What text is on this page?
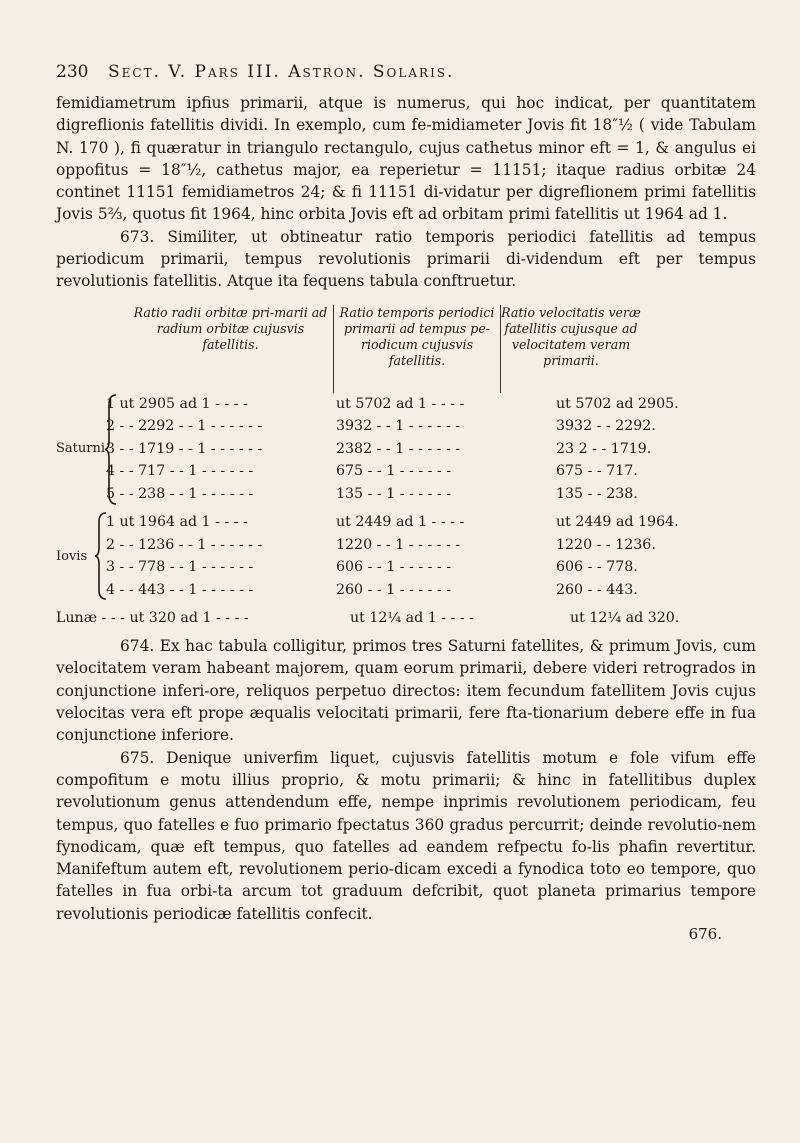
230	Sect. V. Pars III. Astron. Solaris.

femidiametrum ipfius primarii, atque is numerus, qui hoc indicat, per quantitatem digreflionis fatellitis dividi. In exemplo, cum fe-midiameter Jovis fit 18″½ ( vide Tabulam N. 170 ), fi quæratur in triangulo rectangulo, cujus cathetus minor eft = 1, & angulus ei oppofitus = 18″½, cathetus major, ea reperietur = 11151; itaque radius orbitæ 24 continet 11151 femidiametros 24; & fi 11151 di-vidatur per digreflionem primi fatellitis Jovis 5⅔, quotus fit 1964, hinc orbita Jovis eft ad orbitam primi fatellitis ut 1964 ad 1.

673. Similiter, ut obtineatur ratio temporis periodici fatellitis ad tempus periodicum primarii, tempus revolutionis primarii di-videndum eft per tempus revolutionis fatellitis. Atque ita fequens tabula conftruetur.

Ratio radii orbitæ pri-marii ad radium orbitæ cujusvis fatellitis.
Ratio temporis periodici primarii ad tempus pe-riodicum cujusvis fatellitis.
Ratio velocitatis veræ fatellitis cujusque ad velocitatem veram primarii.
Saturni
1 ut 2905 ad 1 - - - -	ut 5702 ad 1 - - - -	ut 5702 ad 2905.
2 - - 2292 - - 1 - - - - - -	3932 - - 1 - - - - - -	3932 - - 2292.
3 - - 1719 - - 1 - - - - - -	2382 - - 1 - - - - - -	23 2 - - 1719.
4 - - 717 - - 1 - - - - - -	675 - - 1 - - - - - -	675 - - 717.
5 - - 238 - - 1 - - - - - -	135 - - 1 - - - - - -	135 - - 238.
Iovis
1 ut 1964 ad 1 - - - -	ut 2449 ad 1 - - - -	ut 2449 ad 1964.
2 - - 1236 - - 1 - - - - - -	1220 - - 1 - - - - - -	1220 - - 1236.
3 - - 778 - - 1 - - - - - -	606 - - 1 - - - - - -	606 - - 778.
4 - - 443 - - 1 - - - - - -	260 - - 1 - - - - - -	260 - - 443.
Lunæ - - - ut 320 ad 1 - - - -	ut 12¼ ad 1 - - - -	ut 12¼ ad 320.

674. Ex hac tabula colligitur, primos tres Saturni fatellites, & primum Jovis, cum velocitatem veram habeant majorem, quam eorum primarii, debere videri retrogrados in conjunctione inferi-ore, reliquos perpetuo directos: item fecundum fatellitem Jovis cujus velocitas vera eft prope æqualis velocitati primarii, fere fta-tionarium debere effe in fua conjunctione inferiore.

675. Denique univerfim liquet, cujusvis fatellitis motum e fole vifum effe compofitum e motu illius proprio, & motu primarii; & hinc in fatellitibus duplex revolutionum genus attendendum effe, nempe inprimis revolutionem periodicam, feu tempus, quo fatelles e fuo primario fpectatus 360 gradus percurrit; deinde revolutio-nem fynodicam, quæ eft tempus, quo fatelles ad eandem refpectu fo-lis phafin revertitur. Manifeftum autem eft, revolutionem perio-dicam excedi a fynodica toto eo tempore, quo fatelles in fua orbi-ta arcum tot graduum defcribit, quot planeta primarius tempore revolutionis periodicæ fatellitis confecit.

676.
